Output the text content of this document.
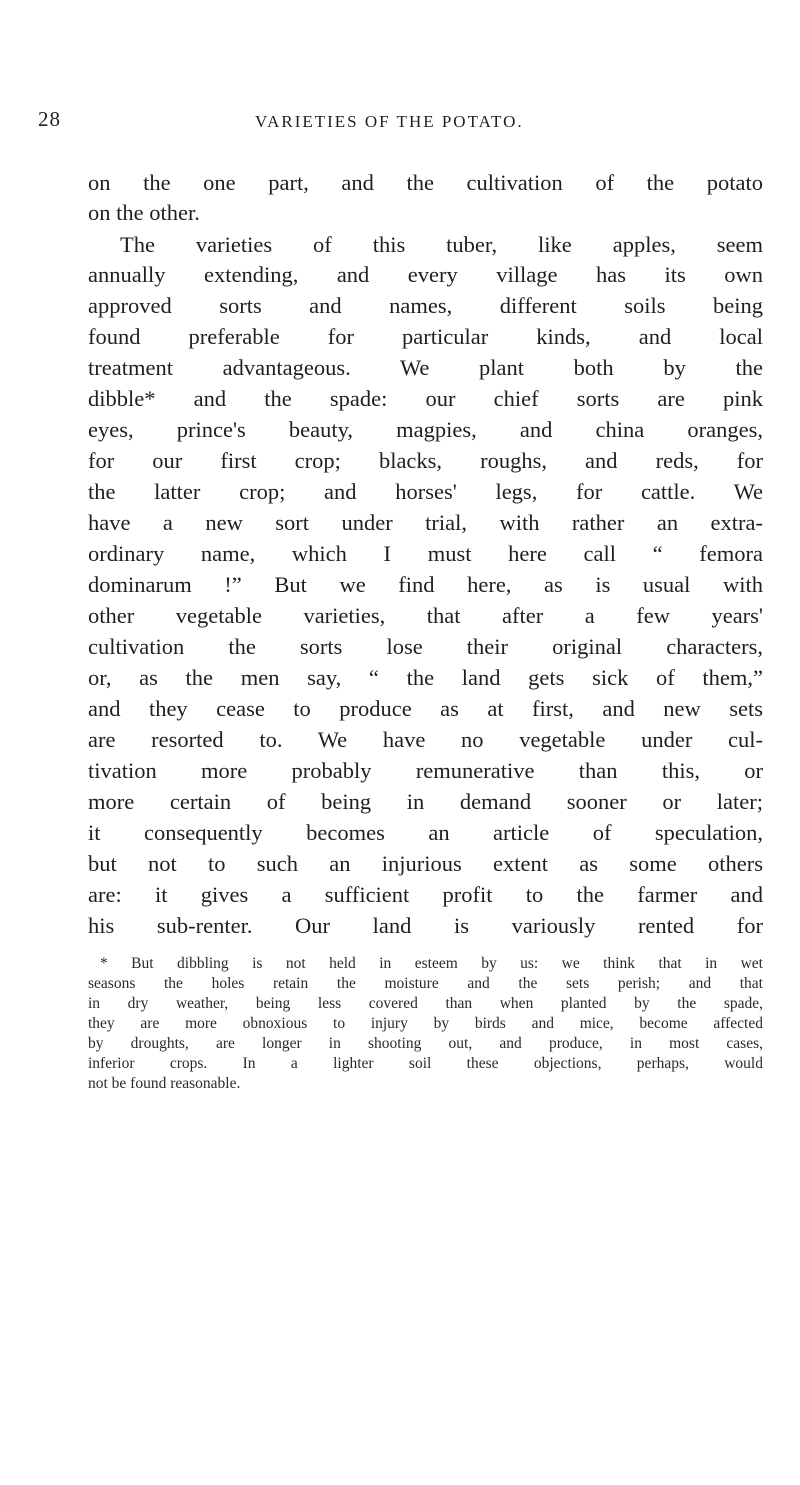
28	VARIETIES OF THE POTATO.
on the one part, and the cultivation of the potato
on the other.
The varieties of this tuber, like apples, seem
annually extending, and every village has its own
approved sorts and names, different soils being
found preferable for particular kinds, and local
treatment advantageous. We plant both by the
dibble* and the spade: our chief sorts are pink
eyes, prince's beauty, magpies, and china oranges,
for our first crop; blacks, roughs, and reds, for
the latter crop; and horses' legs, for cattle. We
have a new sort under trial, with rather an extra-
ordinary name, which I must here call “ femora
dominarum !” But we find here, as is usual with
other vegetable varieties, that after a few years'
cultivation the sorts lose their original characters,
or, as the men say, “ the land gets sick of them,”
and they cease to produce as at first, and new sets
are resorted to. We have no vegetable under cul-
tivation more probably remunerative than this, or
more certain of being in demand sooner or later;
it consequently becomes an article of speculation,
but not to such an injurious extent as some others
are: it gives a sufficient profit to the farmer and
his sub-renter. Our land is variously rented for
* But dibbling is not held in esteem by us: we think that in wet
seasons the holes retain the moisture and the sets perish; and that
in dry weather, being less covered than when planted by the spade,
they are more obnoxious to injury by birds and mice, become affected
by droughts, are longer in shooting out, and produce, in most cases,
inferior crops. In a lighter soil these objections, perhaps, would
not be found reasonable.
